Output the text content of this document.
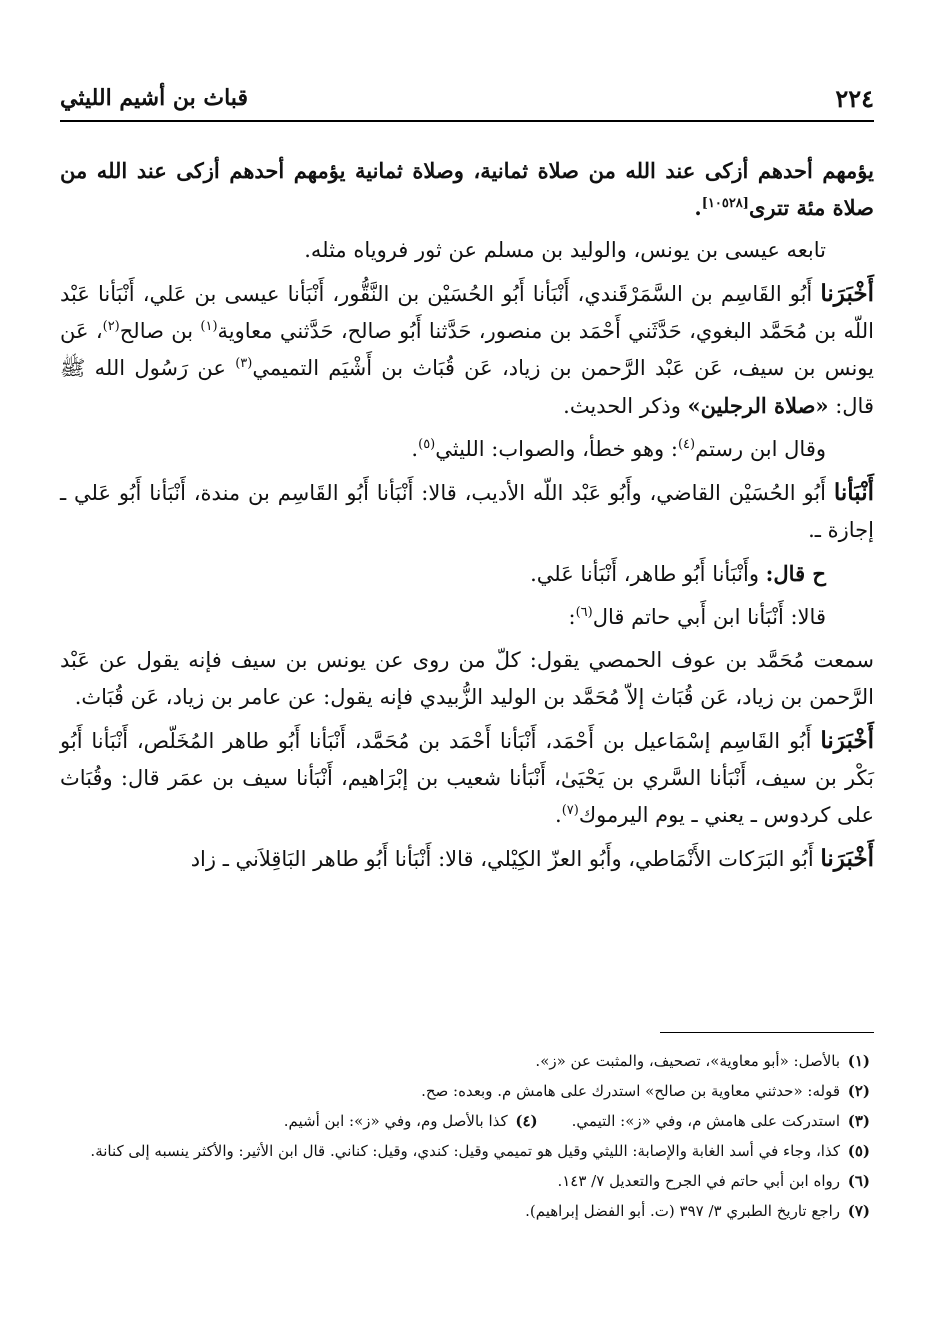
٢٢٤
قباث بن أشيم الليثي

يؤمهم أحدهم أزكى عند الله من صلاة ثمانية، وصلاة ثمانية يؤمهم أحدهم أزكى عند الله من صلاة مئة تترى[١٠٥٢٨].

تابعه عيسى بن يونس، والوليد بن مسلم عن ثور فروياه مثله.

أَخْبَرَنا أَبُو القَاسِم بن السَّمَرْقَندي، أَنْبَأنا أَبُو الحُسَيْن بن النَّقُّور، أَنْبَأنا عيسى بن عَلي، أَنْبَأنا عَبْد اللّه بن مُحَمَّد البغوي، حَدَّثَني أَحْمَد بن منصور، حَدَّثنا أَبُو صالح، حَدَّثني معاوية$^{(١)}$ بن صالح$^{(٢)}$، عَن يونس بن سيف، عَن عَبْد الرَّحمن بن زياد، عَن قُبَاث بن أَشْيَم التميمي$^{(٣)}$ عن رَسُول الله ﷺ قال: «صلاة الرجلين» وذكر الحديث.

وقال ابن رستم$^{(٤)}$: وهو خطأ، والصواب: الليثي$^{(٥)}$.

أَنْبَأنا أَبُو الحُسَيْن القاضي، وأَبُو عَبْد اللّه الأديب، قالا: أَنْبَأنا أَبُو القَاسِم بن مندة، أَنْبَأنا أَبُو عَلي ـ إجازة ـ.

ح قال: وأَنْبَأنا أَبُو طاهر، أَنْبَأنا عَلي.

قالا: أَنْبَأنا ابن أَبي حاتم قال$^{(٦)}$:

سمعت مُحَمَّد بن عوف الحمصي يقول: كلّ من روى عن يونس بن سيف فإنه يقول عن عَبْد الرَّحمن بن زياد، عَن قُبَاث إلاّ مُحَمَّد بن الوليد الزُّبيدي فإنه يقول: عن عامر بن زياد، عَن قُبَاث.

أَخْبَرَنا أَبُو القَاسِم إسْمَاعيل بن أَحْمَد، أَنْبَأنا أَحْمَد بن مُحَمَّد، أَنْبَأنا أَبُو طاهر المُخَلّص، أَنْبَأنا أَبُو بَكْر بن سيف، أَنْبَأنا السَّري بن يَحْيَىٰ، أَنْبَأنا شعيب بن إبْرَاهيم، أَنْبَأنا سيف بن عمَر قال: وقُبَاث على كردوس ـ يعني ـ يوم اليرموك$^{(٧)}$.

أَخْبَرَنا أَبُو البَرَكات الأَنْمَاطي، وأَبُو العزّ الكِيْلي، قالا: أَنْبَأنا أَبُو طاهر البَاقِلاَني ـ زاد

(١)
بالأصل: «أبو معاوية»، تصحيف، والمثبت عن «ز».
(٢)
قوله: «حدثني معاوية بن صالح» استدرك على هامش م. وبعده: صح.
(٣)
استدركت على هامش م، وفي «ز»: التيمي.
(٤)
كذا بالأصل وم، وفي «ز»: ابن أشيم.
(٥)
كذا، وجاء في أسد الغابة والإصابة: الليثي وقيل هو تميمي وقيل: كندي، وقيل: كناني. قال ابن الأثير: والأكثر ينسبه إلى كنانة.
(٦)
رواه ابن أبي حاتم في الجرح والتعديل ٧/ ١٤٣.
(٧)
راجع تاريخ الطبري ٣/ ٣٩٧ (ت. أبو الفضل إبراهيم).
